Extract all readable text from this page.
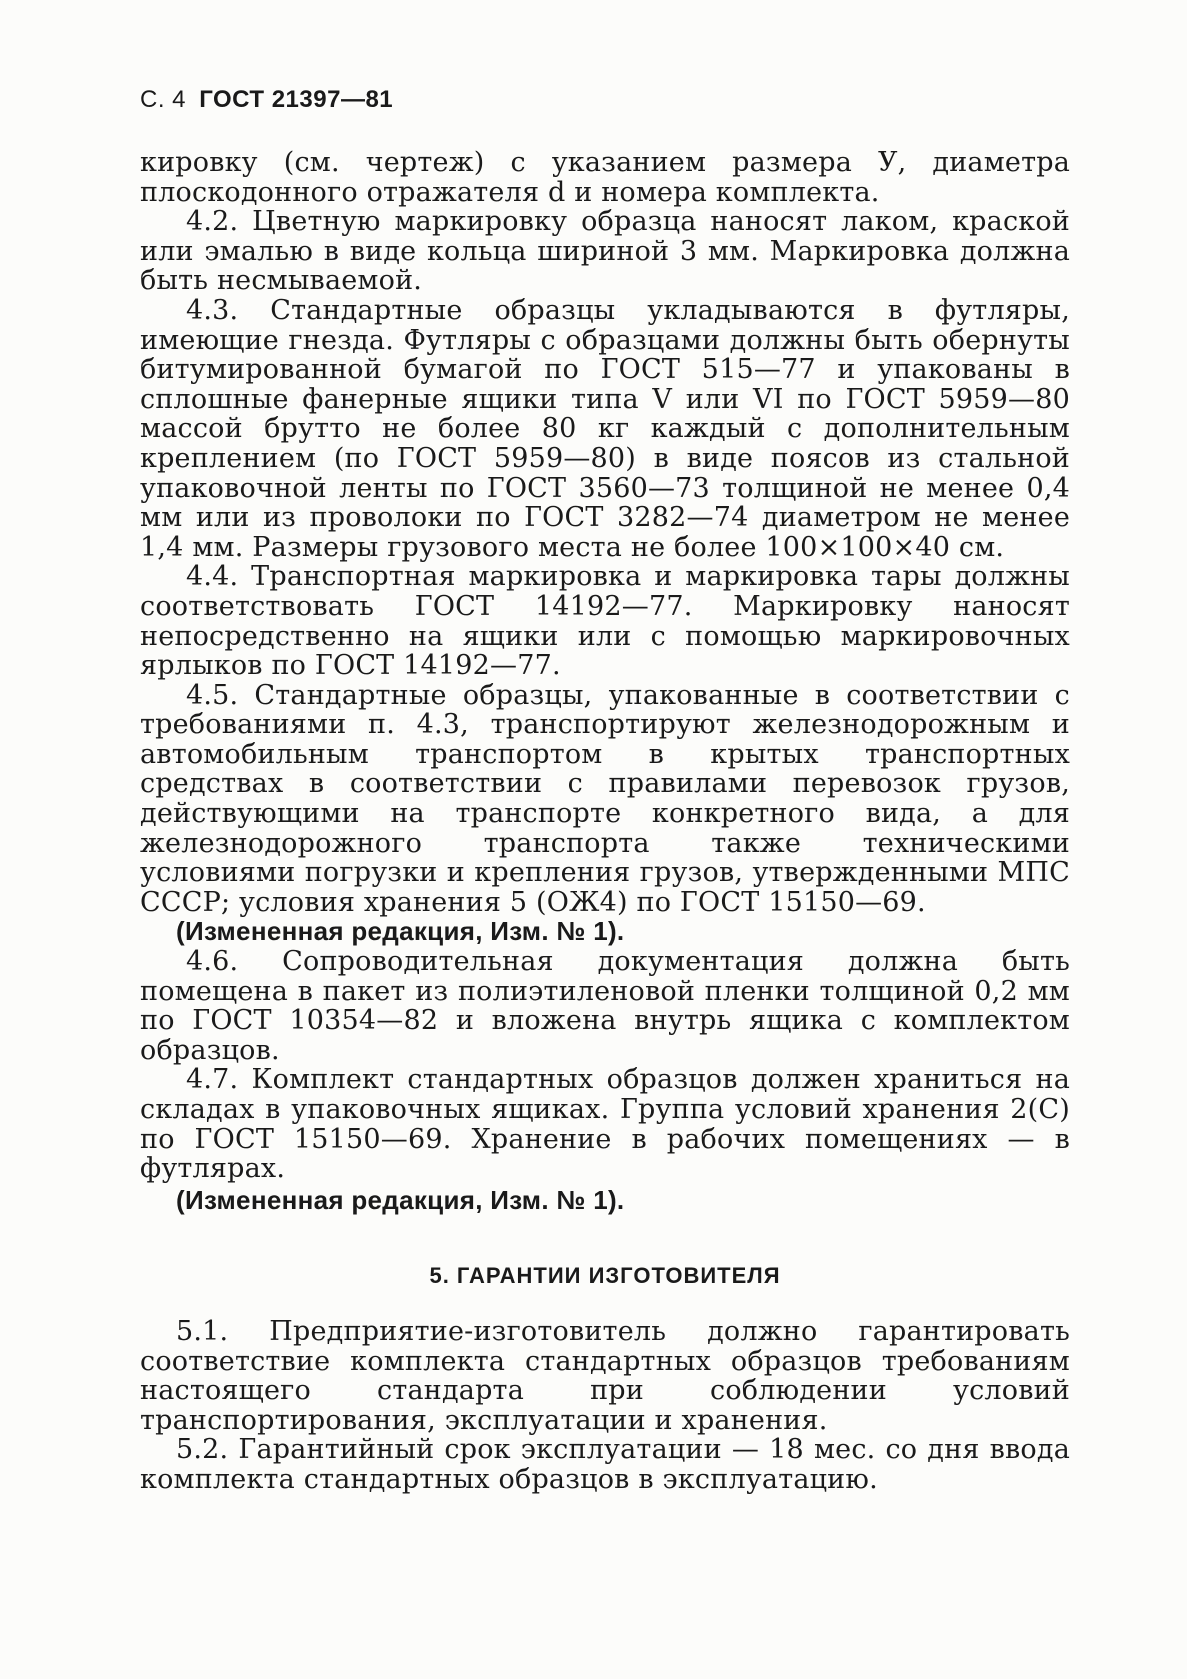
С. 4 ГОСТ 21397—81

кировку (см. чертеж) с указанием размера У, диаметра плоскодонного отражателя d и номера комплекта.

4.2. Цветную маркировку образца наносят лаком, краской или эмалью в виде кольца шириной 3 мм. Маркировка должна быть несмываемой.

4.3. Стандартные образцы укладываются в футляры, имеющие гнезда. Футляры с образцами должны быть обернуты битумированной бумагой по ГОСТ 515—77 и упакованы в сплошные фанерные ящики типа V или VI по ГОСТ 5959—80 массой брутто не более 80 кг каждый с дополнительным креплением (по ГОСТ 5959—80) в виде поясов из стальной упаковочной ленты по ГОСТ 3560—73 толщиной не менее 0,4 мм или из проволоки по ГОСТ 3282—74 диаметром не менее 1,4 мм. Размеры грузового места не более 100×100×40 см.

4.4. Транспортная маркировка и маркировка тары должны соответствовать ГОСТ 14192—77. Маркировку наносят непосредственно на ящики или с помощью маркировочных ярлыков по ГОСТ 14192—77.

4.5. Стандартные образцы, упакованные в соответствии с требованиями п. 4.3, транспортируют железнодорожным и автомобильным транспортом в крытых транспортных средствах в соответствии с правилами перевозок грузов, действующими на транспорте конкретного вида, а для железнодорожного транспорта также техническими условиями погрузки и крепления грузов, утвержденными МПС СССР; условия хранения 5 (ОЖ4) по ГОСТ 15150—69.

(Измененная редакция, Изм. № 1).

4.6. Сопроводительная документация должна быть помещена в пакет из полиэтиленовой пленки толщиной 0,2 мм по ГОСТ 10354—82 и вложена внутрь ящика с комплектом образцов.

4.7. Комплект стандартных образцов должен храниться на складах в упаковочных ящиках. Группа условий хранения 2(С) по ГОСТ 15150—69. Хранение в рабочих помещениях — в футлярах.

(Измененная редакция, Изм. № 1).

5. ГАРАНТИИ ИЗГОТОВИТЕЛЯ

5.1. Предприятие-изготовитель должно гарантировать соответствие комплекта стандартных образцов требованиям настоящего стандарта при соблюдении условий транспортирования, эксплуатации и хранения.

5.2. Гарантийный срок эксплуатации — 18 мес. со дня ввода комплекта стандартных образцов в эксплуатацию.
